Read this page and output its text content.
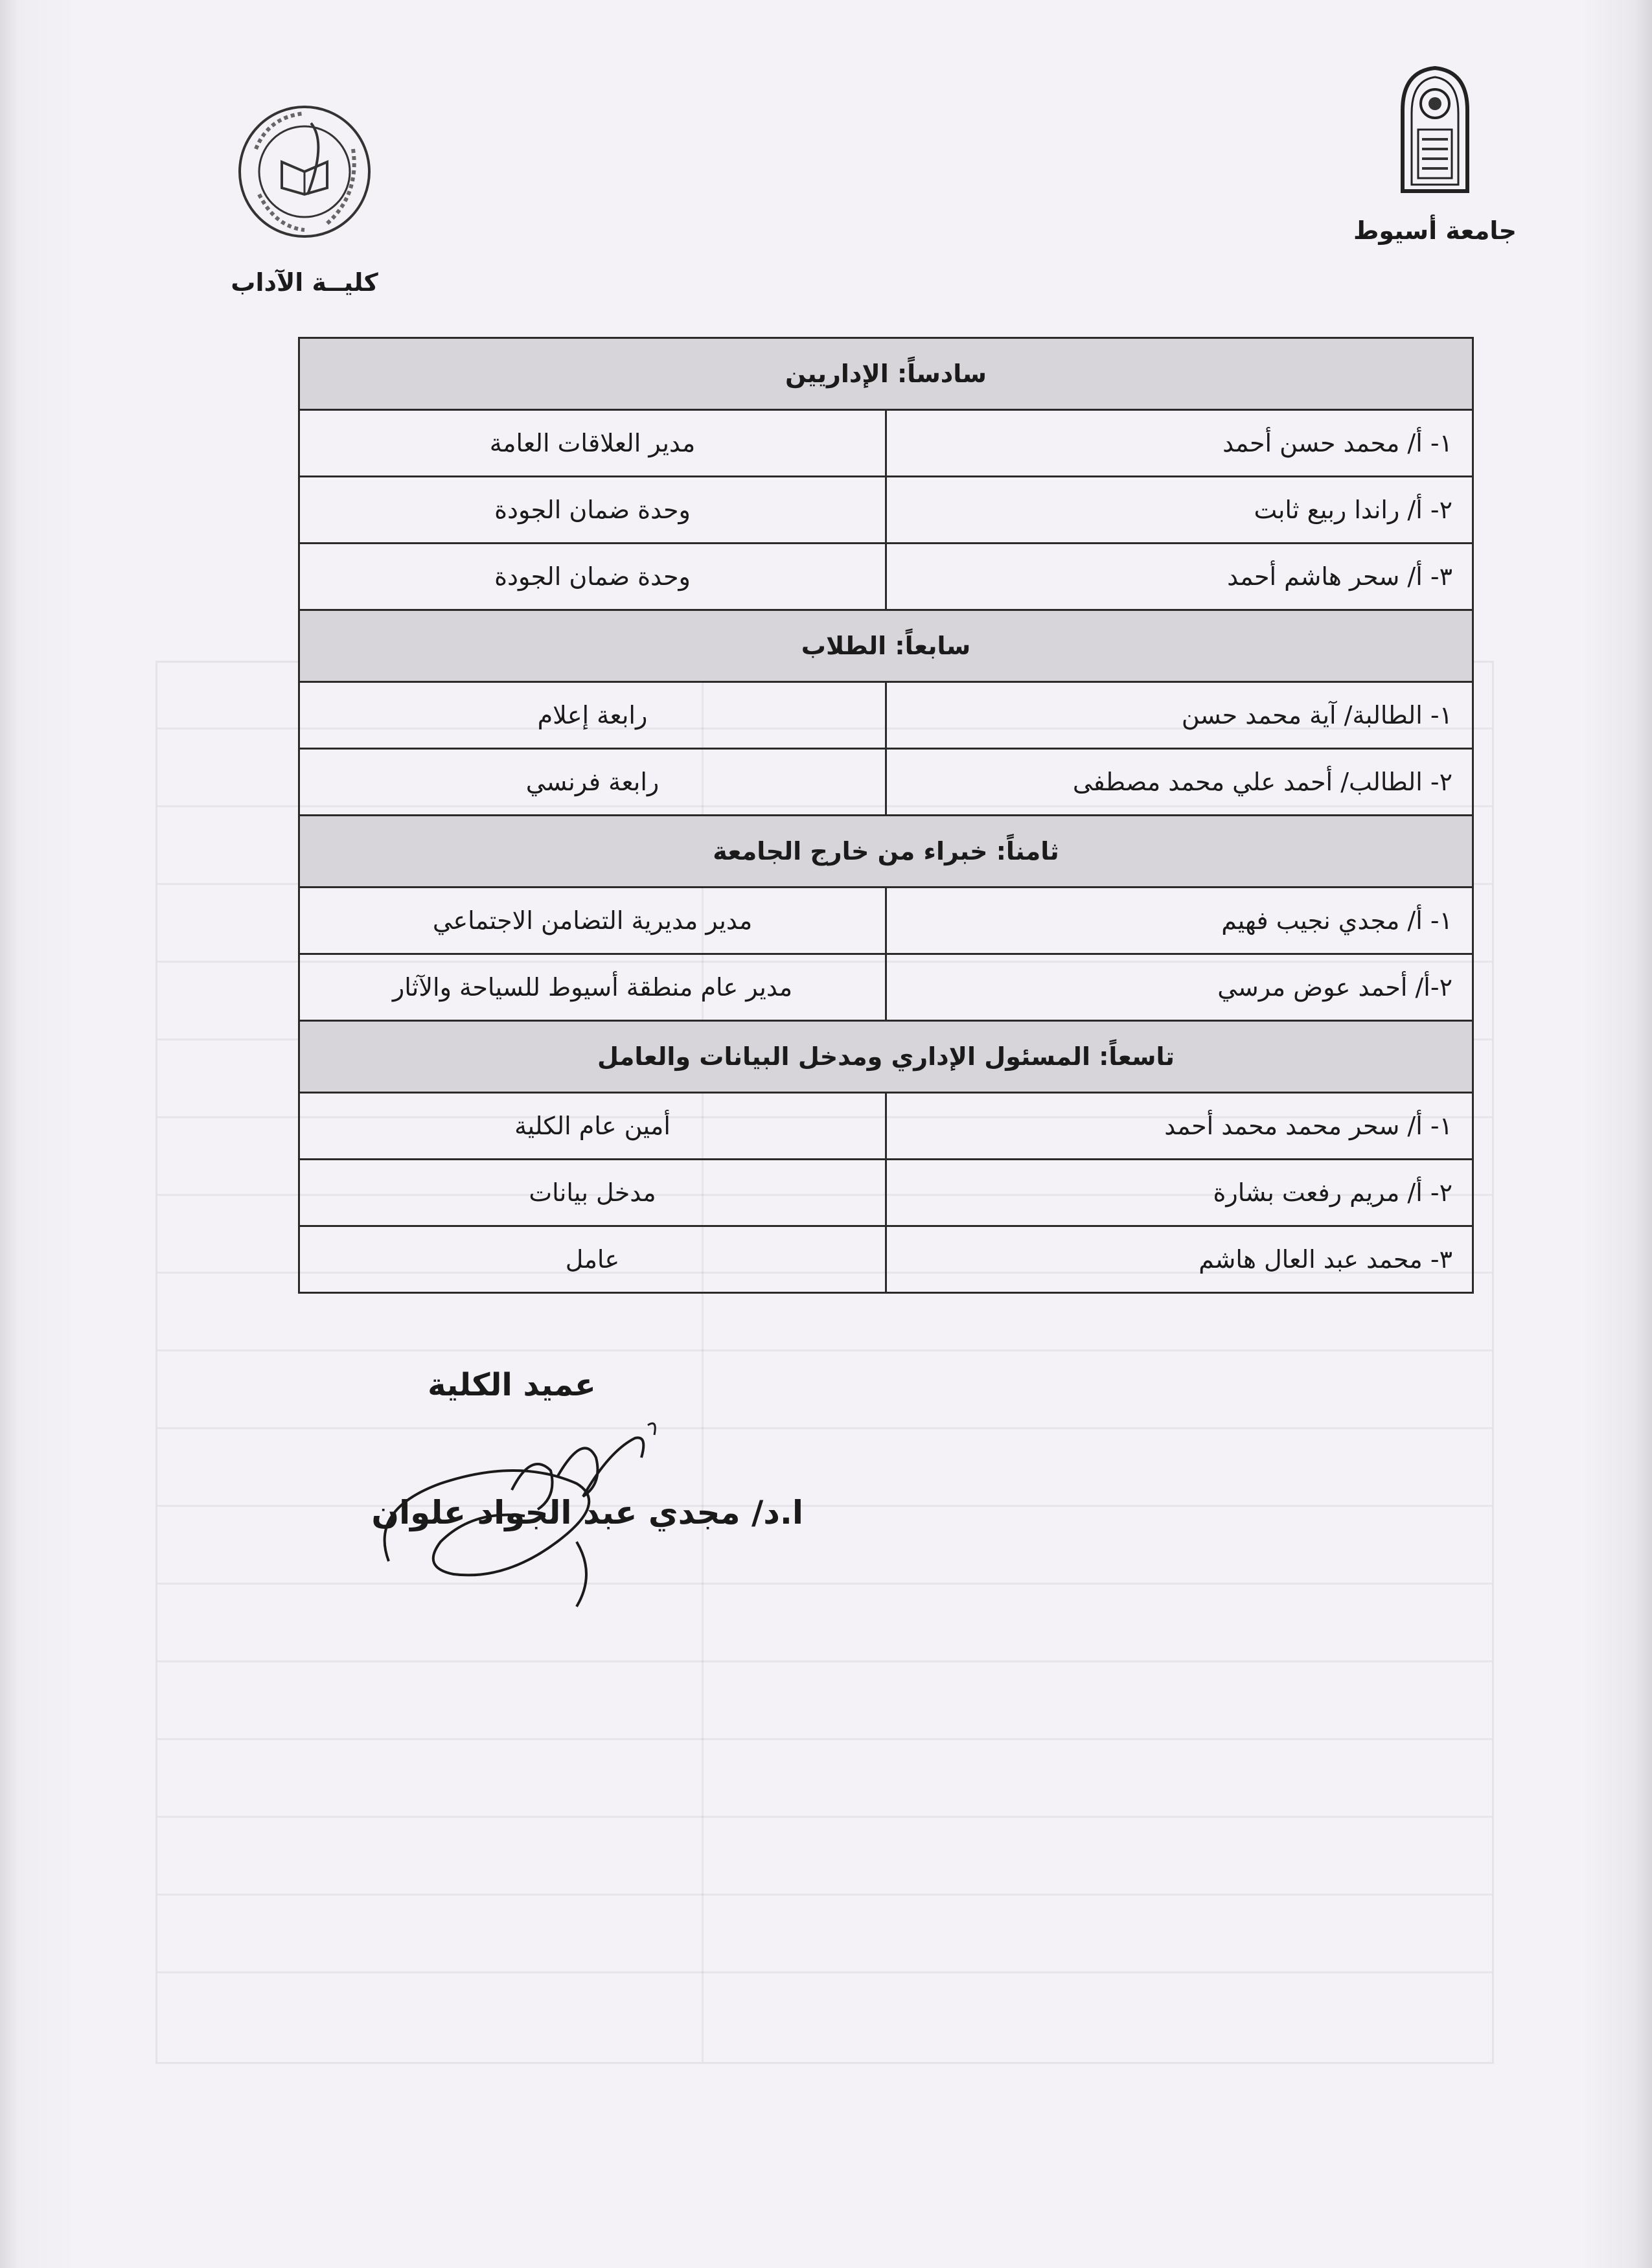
جامعة أسيوط
كليــة الآداب
سادساً: الإداريين	
١- أ/ محمد حسن أحمد	مدير العلاقات العامة
٢- أ/ راندا ربيع ثابت	وحدة ضمان الجودة
٣- أ/ سحر هاشم أحمد	وحدة ضمان الجودة
سابعاً: الطلاب	
١- الطالبة/ آية محمد حسن	رابعة إعلام
٢- الطالب/ أحمد علي محمد مصطفى	رابعة فرنسي
ثامناً: خبراء من خارج الجامعة	
١- أ/ مجدي نجيب فهيم	مدير مديرية التضامن الاجتماعي
٢-أ/ أحمد عوض مرسي	مدير عام منطقة أسيوط للسياحة والآثار
تاسعاً: المسئول الإداري ومدخل البيانات والعامل	
١- أ/ سحر محمد محمد أحمد	أمين عام الكلية
٢- أ/ مريم رفعت بشارة	مدخل بيانات
٣- محمد عبد العال هاشم	عامل
عميد الكلية
ا.د/ مجدي عبد الجواد علوان
